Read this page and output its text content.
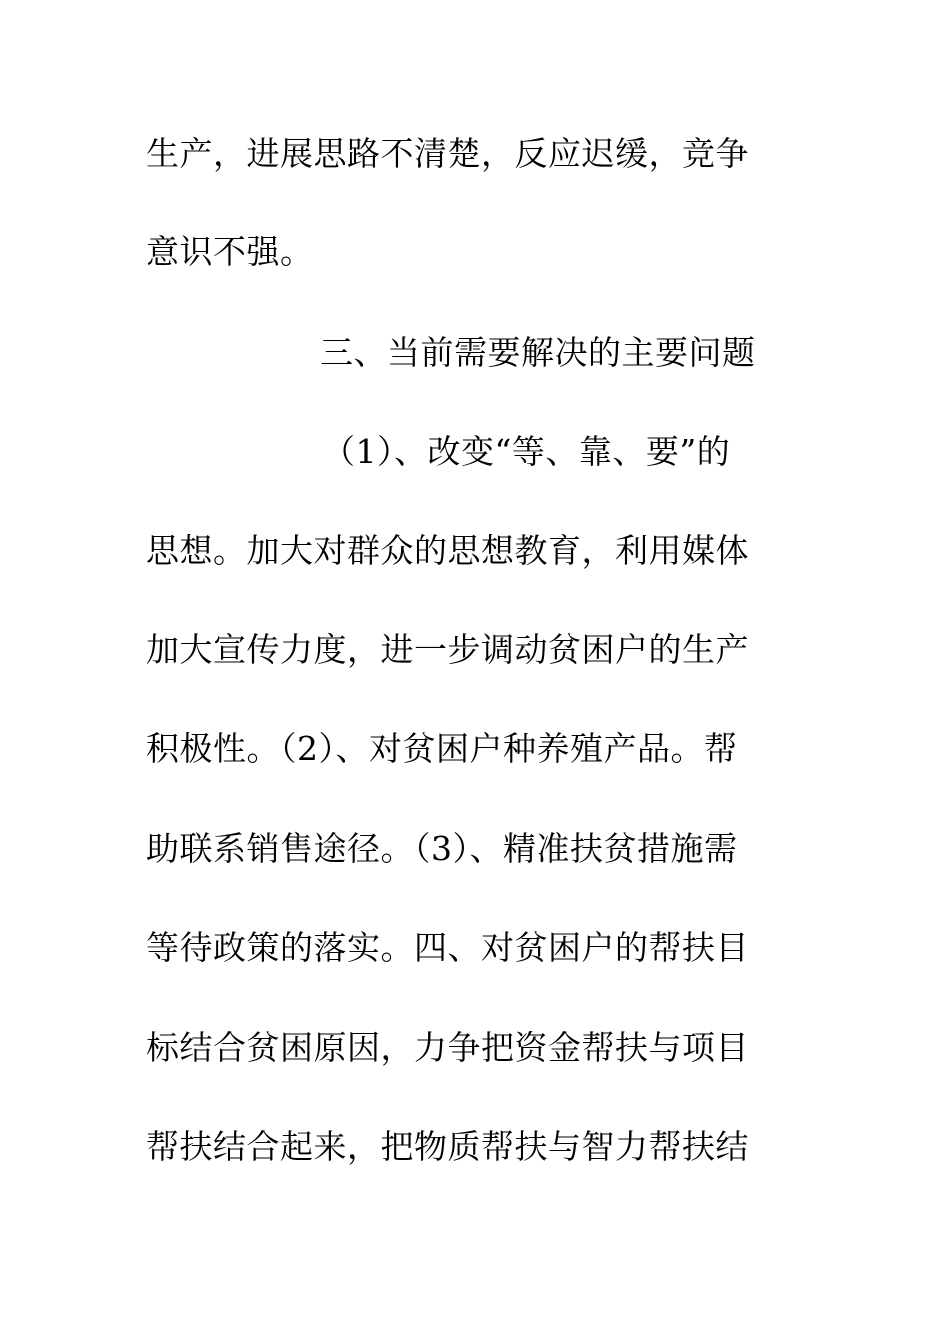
生产，进展思路不清楚，反应迟缓，竞争
意识不强。
三、当前需要解决的主要问题
（1）、改变“等、靠、要”的
思想。加大对群众的思想教育，利用媒体
加大宣传力度，进一步调动贫困户的生产
积极性。（2）、对贫困户种养殖产品。帮
助联系销售途径。（3）、精准扶贫措施需
等待政策的落实。四、对贫困户的帮扶目
标结合贫困原因，力争把资金帮扶与项目
帮扶结合起来，把物质帮扶与智力帮扶结
